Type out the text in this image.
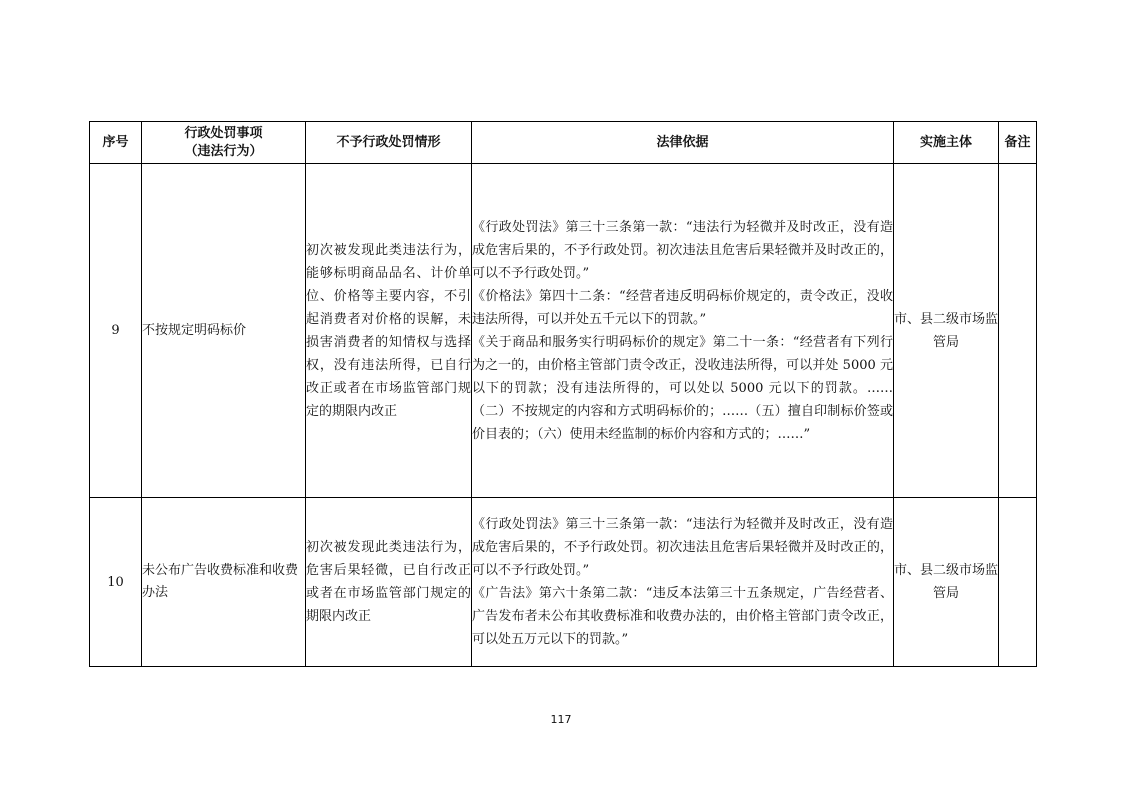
序号	行政处罚事项
（违法行为）	不予行政处罚情形	法律依据	实施主体	备注
9	不按规定明码标价	初次被发现此类违法行为，能够标明商品品名、计价单位、价格等主要内容，不引起消费者对价格的误解，未损害消费者的知情权与选择权，没有违法所得，已自行改正或者在市场监管部门规定的期限内改正	《行政处罚法》第三十三条第一款：“违法行为轻微并及时改正，没有造成危害后果的，不予行政处罚。初次违法且危害后果轻微并及时改正的，可以不予行政处罚。”

《价格法》第四十二条：“经营者违反明码标价规定的，责令改正，没收违法所得，可以并处五千元以下的罚款。”

《关于商品和服务实行明码标价的规定》第二十一条：“经营者有下列行为之一的，由价格主管部门责令改正，没收违法所得，可以并处 5000 元以下的罚款；没有违法所得的，可以处以 5000 元以下的罚款。……（二）不按规定的内容和方式明码标价的；……（五）擅自印制标价签或价目表的；（六）使用未经监制的标价内容和方式的；……”	市、县二级市场监管局	
10	未公布广告收费标准和收费办法	初次被发现此类违法行为，危害后果轻微，已自行改正或者在市场监管部门规定的期限内改正	《行政处罚法》第三十三条第一款：“违法行为轻微并及时改正，没有造成危害后果的，不予行政处罚。初次违法且危害后果轻微并及时改正的，可以不予行政处罚。”

《广告法》第六十条第二款：“违反本法第三十五条规定，广告经营者、广告发布者未公布其收费标准和收费办法的，由价格主管部门责令改正，可以处五万元以下的罚款。”	市、县二级市场监管局	
117
